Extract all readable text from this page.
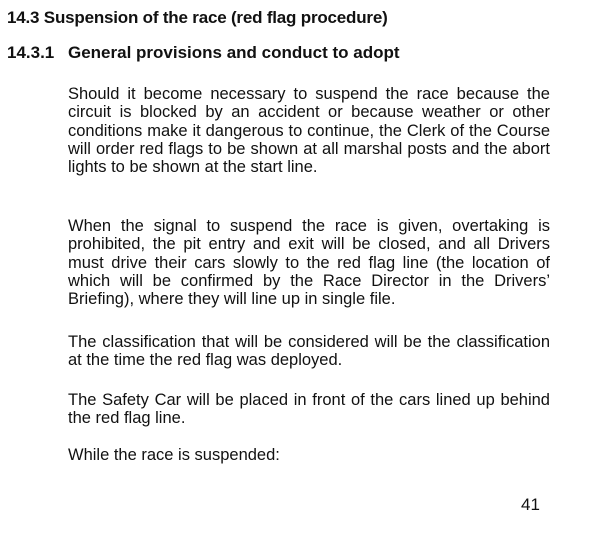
14.3 Suspension of the race (red flag procedure)
14.3.1 General provisions and conduct to adopt

Should it become necessary to suspend the race because the circuit is blocked by an accident or because weather or other conditions make it dangerous to continue, the Clerk of the Course will order red flags to be shown at all marshal posts and the abort lights to be shown at the start line.

When the signal to suspend the race is given, overtaking is prohibited, the pit entry and exit will be closed, and all Drivers must drive their cars slowly to the red flag line (the location of which will be confirmed by the Race Director in the Drivers’ Briefing), where they will line up in single file.

The classification that will be considered will be the classification at the time the red flag was deployed.

The Safety Car will be placed in front of the cars lined up behind the red flag line.

While the race is suspended:

41
